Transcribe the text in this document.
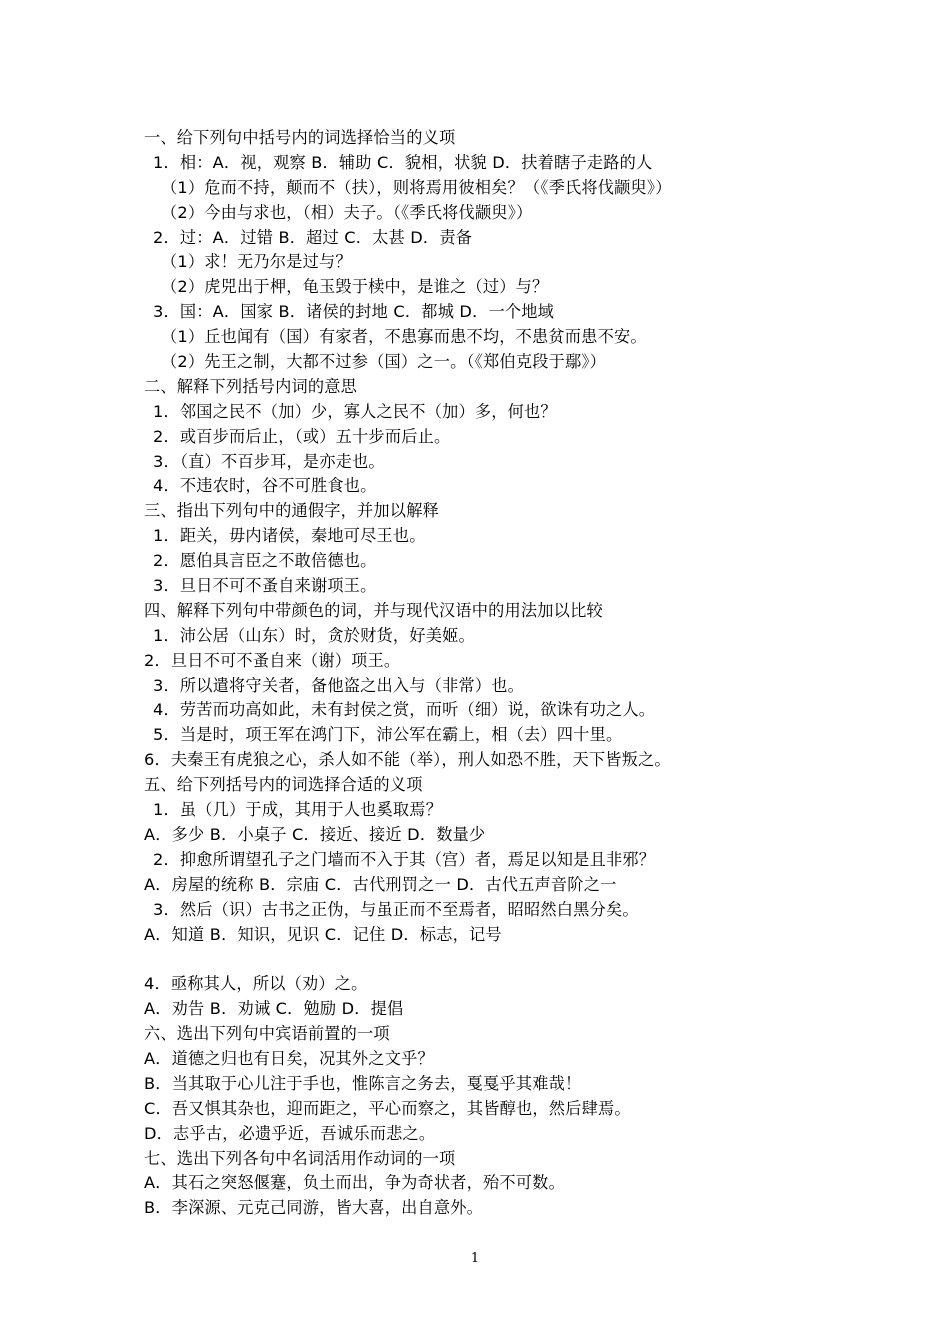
一、给下列句中括号内的词选择恰当的义项
1．相：A．视，观察 B．辅助 C．貌相，状貌 D．扶着瞎子走路的人
（1）危而不持，颠而不（扶），则将焉用彼相矣？（《季氏将伐颛臾》）
（2）今由与求也，（相）夫子。（《季氏将伐颛臾》）
2．过：A．过错 B．超过 C．太甚 D．责备
（1）求！无乃尔是过与？
（2）虎兕出于柙，龟玉毁于椟中，是谁之（过）与？
3．国：A．国家 B．诸侯的封地 C．都城 D．一个地域
（1）丘也闻有（国）有家者，不患寡而患不均，不患贫而患不安。
（2）先王之制，大都不过参（国）之一。（《郑伯克段于鄢》）
二、解释下列括号内词的意思
1．邻国之民不（加）少，寡人之民不（加）多，何也？
2．或百步而后止，（或）五十步而后止。
3．（直）不百步耳，是亦走也。
4．不违农时，谷不可胜食也。
三、指出下列句中的通假字，并加以解释
1．距关，毋内诸侯，秦地可尽王也。
2．愿伯具言臣之不敢倍德也。
3．旦日不可不蚤自来谢项王。
四、解释下列句中带颜色的词，并与现代汉语中的用法加以比较
1．沛公居（山东）时，贪於财货，好美姬。
2．旦日不可不蚤自来（谢）项王。
3．所以遣将守关者，备他盗之出入与（非常）也。
4．劳苦而功高如此，未有封侯之赏，而听（细）说，欲诛有功之人。
5．当是时，项王军在鸿门下，沛公军在霸上，相（去）四十里。
6．夫秦王有虎狼之心，杀人如不能（举），刑人如恐不胜，天下皆叛之。
五、给下列括号内的词选择合适的义项
1．虽（几）于成，其用于人也奚取焉？
A．多少 B．小桌子 C．接近、接近 D．数量少
2．抑愈所谓望孔子之门墙而不入于其（宫）者，焉足以知是且非邪？
A．房屋的统称 B．宗庙 C．古代刑罚之一 D．古代五声音阶之一
3．然后（识）古书之正伪，与虽正而不至焉者，昭昭然白黑分矣。
A．知道 B．知识，见识 C．记住 D．标志，记号
4．亟称其人，所以（劝）之。
A．劝告 B．劝诫 C．勉励 D．提倡
六、选出下列句中宾语前置的一项
A．道德之归也有日矣，况其外之文乎？
B．当其取于心儿注于手也，惟陈言之务去，戛戛乎其难哉！
C．吾又惧其杂也，迎而距之，平心而察之，其皆醇也，然后肆焉。
D．志乎古，必遗乎近，吾诚乐而悲之。
七、选出下列各句中名词活用作动词的一项
A．其石之突怒偃蹇，负土而出，争为奇状者，殆不可数。
B．李深源、元克己同游，皆大喜，出自意外。
1
